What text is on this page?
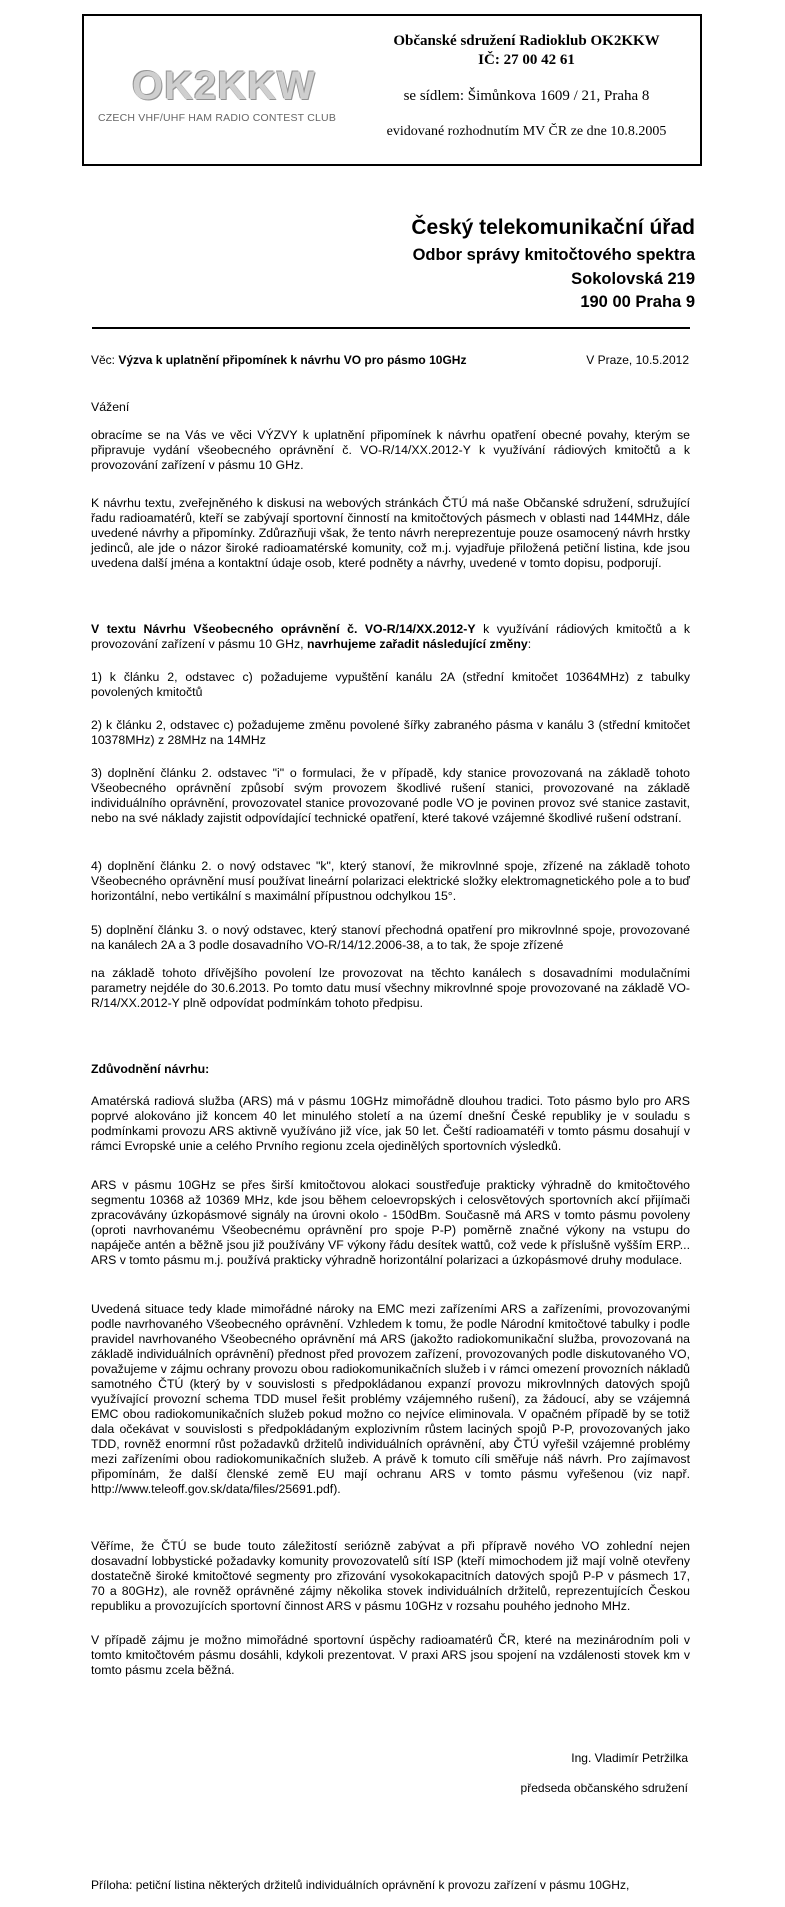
OK2KKW
CZECH VHF/UHF HAM RADIO CONTEST CLUB
Občanské sdružení Radioklub OK2KKW
IČ: 27 00 42 61
se sídlem: Šimůnkova 1609 / 21, Praha 8
evidované rozhodnutím MV ČR ze dne 10.8.2005
Český telekomunikační úřad
Odbor správy kmitočtového spektra
Sokolovská 219
190 00 Praha 9
Věc: Výzva k uplatnění připomínek k návrhu VO pro pásmo 10GHz	V Praze, 10.5.2012
Vážení
obracíme se na Vás ve věci VÝZVY k uplatnění připomínek k návrhu opatření obecné povahy, kterým se připravuje vydání všeobecného oprávnění č. VO-R/14/XX.2012-Y k využívání rádiových kmitočtů a k provozování zařízení v pásmu 10 GHz.
K návrhu textu, zveřejněného k diskusi na webových stránkách ČTÚ má naše Občanské sdružení, sdružující řadu radioamatérů, kteří se zabývají sportovní činností na kmitočtových pásmech v oblasti nad 144MHz, dále uvedené návrhy a připomínky. Zdůrazňuji však, že tento návrh nereprezentuje pouze osamocený návrh hrstky jedinců, ale jde o názor široké radioamatérské komunity, což m.j. vyjadřuje přiložená petiční listina, kde jsou uvedena další jména a kontaktní údaje osob, které podněty a návrhy, uvedené v tomto dopisu, podporují.
V textu Návrhu Všeobecného oprávnění č. VO-R/14/XX.2012-Y k využívání rádiových kmitočtů a k provozování zařízení v pásmu 10 GHz, navrhujeme zařadit následující změny:
1) k článku 2, odstavec c) požadujeme vypuštění kanálu 2A (střední kmitočet 10364MHz) z tabulky povolených kmitočtů
2) k článku 2, odstavec c) požadujeme změnu povolené šířky zabraného pásma v kanálu 3 (střední kmitočet 10378MHz) z 28MHz na 14MHz
3) doplnění článku 2. odstavec "i" o formulaci, že v případě, kdy stanice provozovaná na základě tohoto Všeobecného oprávnění způsobí svým provozem škodlivé rušení stanici, provozované na základě individuálního oprávnění, provozovatel stanice provozované podle VO je povinen provoz své stanice zastavit, nebo na své náklady zajistit odpovídající technické opatření, které takové vzájemné škodlivé rušení odstraní.
4) doplnění článku 2. o nový odstavec "k", který stanoví, že mikrovlnné spoje, zřízené na základě tohoto Všeobecného oprávnění musí používat lineární polarizaci elektrické složky elektromagnetického pole a to buď horizontální, nebo vertikální s maximální přípustnou odchylkou 15°.
5) doplnění článku 3. o nový odstavec, který stanoví přechodná opatření pro mikrovlnné spoje, provozované na kanálech 2A a 3 podle dosavadního VO-R/14/12.2006-38, a to tak, že spoje zřízené
na základě tohoto dřívějšího povolení lze provozovat na těchto kanálech s dosavadními modulačními parametry nejdéle do 30.6.2013. Po tomto datu musí všechny mikrovlnné spoje provozované na základě VO-R/14/XX.2012-Y plně odpovídat podmínkám tohoto předpisu.
Zdůvodnění návrhu:
Amatérská radiová služba (ARS) má v pásmu 10GHz mimořádně dlouhou tradici. Toto pásmo bylo pro ARS poprvé alokováno již koncem 40 let minulého století a na území dnešní České republiky je v souladu s podmínkami provozu ARS aktivně využíváno již více, jak 50 let. Čeští radioamatéři v tomto pásmu dosahují v rámci Evropské unie a celého Prvního regionu zcela ojedinělých sportovních výsledků.
ARS v pásmu 10GHz se přes širší kmitočtovou alokaci soustřeďuje prakticky výhradně do kmitočtového segmentu 10368 až 10369 MHz, kde jsou během celoevropských i celosvětových sportovních akcí přijímači zpracovávány úzkopásmové signály na úrovni okolo - 150dBm. Současně má ARS v tomto pásmu povoleny (oproti navrhovanému Všeobecnému oprávnění pro spoje P-P) poměrně značné výkony na vstupu do napáječe antén a běžně jsou již používány VF výkony řádu desítek wattů, což vede k příslušně vyšším ERP... ARS v tomto pásmu m.j. používá prakticky výhradně horizontální polarizaci a úzkopásmové druhy modulace.
Uvedená situace tedy klade mimořádné nároky na EMC mezi zařízeními ARS a zařízeními, provozovanými podle navrhovaného Všeobecného oprávnění. Vzhledem k tomu, že podle Národní kmitočtové tabulky i podle pravidel navrhovaného Všeobecného oprávnění má ARS (jakožto radiokomunikační služba, provozovaná na základě individuálních oprávnění) přednost před provozem zařízení, provozovaných podle diskutovaného VO, považujeme v zájmu ochrany provozu obou radiokomunikačních služeb i v rámci omezení provozních nákladů samotného ČTÚ (který by v souvislosti s předpokládanou expanzí provozu mikrovlnných datových spojů využívající provozní schema TDD musel řešit problémy vzájemného rušení), za žádoucí, aby se vzájemná EMC obou radiokomunikačních služeb pokud možno co nejvíce eliminovala. V opačném případě by se totiž dala očekávat v souvislosti s předpokládaným explozivním růstem laciných spojů P-P, provozovaných jako TDD, rovněž enormní růst požadavků držitelů individuálních oprávnění, aby ČTÚ vyřešil vzájemné problémy mezi zařízeními obou radiokomunikačních služeb. A právě k tomuto cíli směřuje náš návrh. Pro zajímavost připomínám, že další členské země EU mají ochranu ARS v tomto pásmu vyřešenou (viz např. http://www.teleoff.gov.sk/data/files/25691.pdf).
Věříme, že ČTÚ se bude touto záležitostí seriózně zabývat a při přípravě nového VO zohlední nejen dosavadní lobbystické požadavky komunity provozovatelů sítí ISP (kteří mimochodem již mají volně otevřeny dostatečně široké kmitočtové segmenty pro zřizování vysokokapacitních datových spojů P-P v pásmech 17, 70 a 80GHz), ale rovněž oprávněné zájmy několika stovek individuálních držitelů, reprezentujících Českou republiku a provozujících sportovní činnost ARS v pásmu 10GHz v rozsahu pouhého jednoho MHz.
V případě zájmu je možno mimořádné sportovní úspěchy radioamatérů ČR, které na mezinárodním poli v tomto kmitočtovém pásmu dosáhli, kdykoli prezentovat. V praxi ARS jsou spojení na vzdálenosti stovek km v tomto pásmu zcela běžná.
Ing. Vladimír Petržilka
předseda občanského sdružení
Příloha: petiční listina některých držitelů individuálních oprávnění k provozu zařízení v pásmu 10GHz,
